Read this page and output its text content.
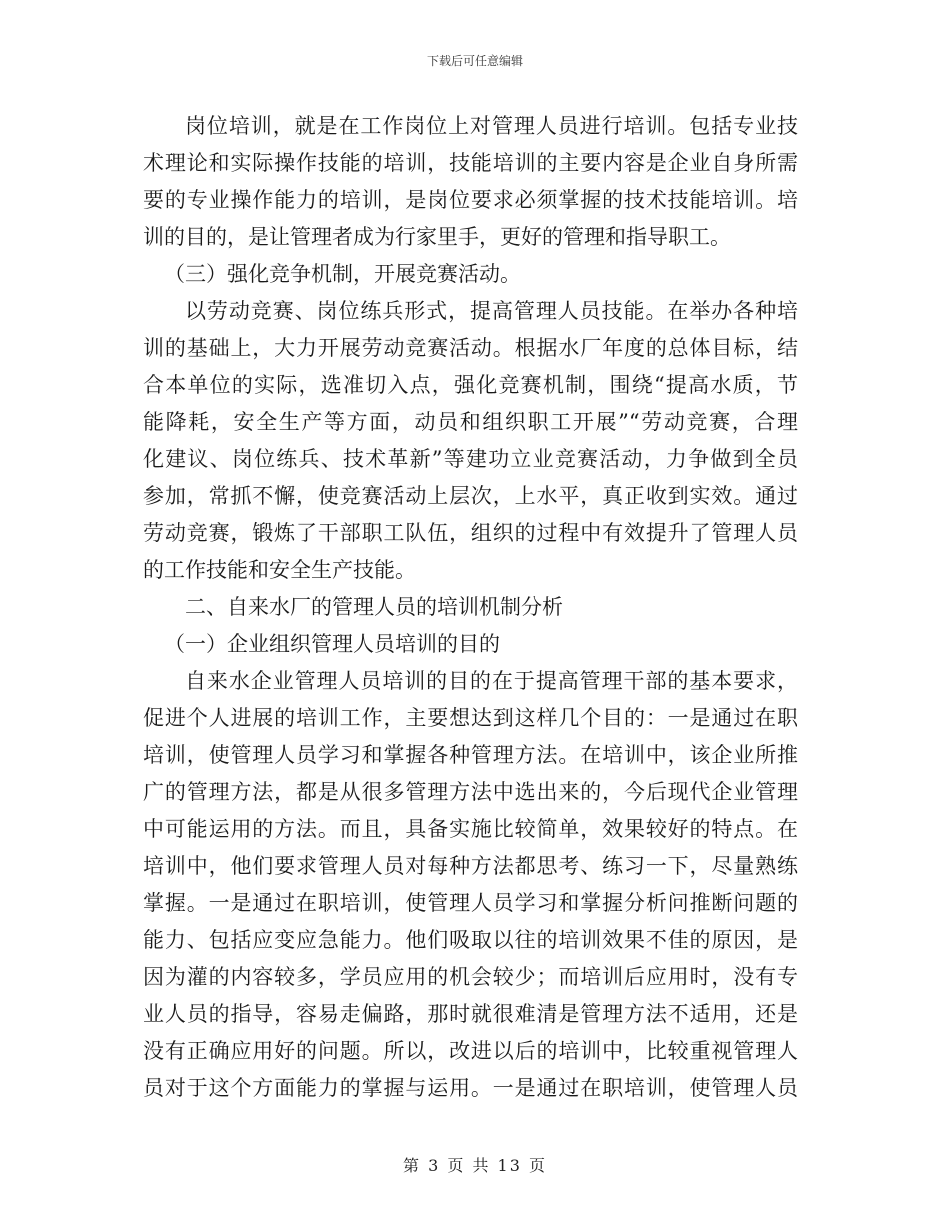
下载后可任意编辑
岗位培训，就是在工作岗位上对管理人员进行培训。包括专业技
术理论和实际操作技能的培训，技能培训的主要内容是企业自身所需
要的专业操作能力的培训，是岗位要求必须掌握的技术技能培训。培
训的目的，是让管理者成为行家里手，更好的管理和指导职工。
（三）强化竞争机制，开展竞赛活动。
以劳动竞赛、岗位练兵形式，提高管理人员技能。在举办各种培
训的基础上，大力开展劳动竞赛活动。根据水厂年度的总体目标，结
合本单位的实际，选准切入点，强化竞赛机制，围绕“提高水质，节
能降耗，安全生产等方面，动员和组织职工开展”“劳动竞赛，合理
化建议、岗位练兵、技术革新”等建功立业竞赛活动，力争做到全员
参加，常抓不懈，使竞赛活动上层次，上水平，真正收到实效。通过
劳动竞赛，锻炼了干部职工队伍，组织的过程中有效提升了管理人员
的工作技能和安全生产技能。
二、自来水厂的管理人员的培训机制分析
（一）企业组织管理人员培训的目的
自来水企业管理人员培训的目的在于提高管理干部的基本要求，
促进个人进展的培训工作，主要想达到这样几个目的：一是通过在职
培训，使管理人员学习和掌握各种管理方法。在培训中，该企业所推
广的管理方法，都是从很多管理方法中选出来的，今后现代企业管理
中可能运用的方法。而且，具备实施比较简单，效果较好的特点。在
培训中，他们要求管理人员对每种方法都思考、练习一下，尽量熟练
掌握。一是通过在职培训，使管理人员学习和掌握分析问推断问题的
能力、包括应变应急能力。他们吸取以往的培训效果不佳的原因，是
因为灌的内容较多，学员应用的机会较少；而培训后应用时，没有专
业人员的指导，容易走偏路，那时就很难清是管理方法不适用，还是
没有正确应用好的问题。所以，改进以后的培训中，比较重视管理人
员对于这个方面能力的掌握与运用。一是通过在职培训，使管理人员
第 3 页 共 13 页
